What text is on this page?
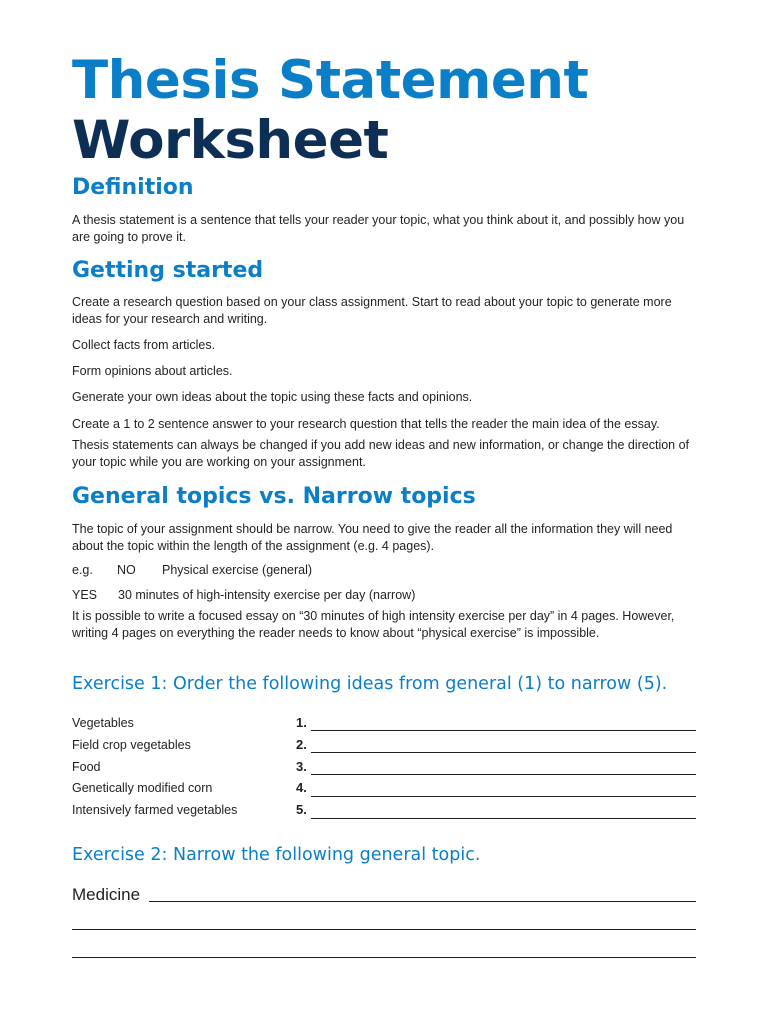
Thesis Statement
Worksheet
Definition

A thesis statement is a sentence that tells your reader your topic, what you think about it, and possibly how you are going to prove it.

Getting started

Create a research question based on your class assignment. Start to read about your topic to generate more ideas for your research and writing.

Collect facts from articles.

Form opinions about articles.

Generate your own ideas about the topic using these facts and opinions.

Create a 1 to 2 sentence answer to your research question that tells the reader the main idea of the essay.

Thesis statements can always be changed if you add new ideas and new information, or change the direction of your topic while you are working on your assignment.

General topics vs. Narrow topics

The topic of your assignment should be narrow. You need to give the reader all the information they will need about the topic within the length of the assignment (e.g. 4 pages).

e.g. NO Physical exercise (general)
YES 30 minutes of high-intensity exercise per day (narrow)

It is possible to write a focused essay on “30 minutes of high intensity exercise per day” in 4 pages. However, writing 4 pages on everything the reader needs to know about “physical exercise” is impossible.

Exercise 1: Order the following ideas from general (1) to narrow (5).
Vegetables
Field crop vegetables
Food
Genetically modified corn
Intensively farmed vegetables
1.
2.
3.
4.
5.
Exercise 2: Narrow the following general topic.
Medicine
